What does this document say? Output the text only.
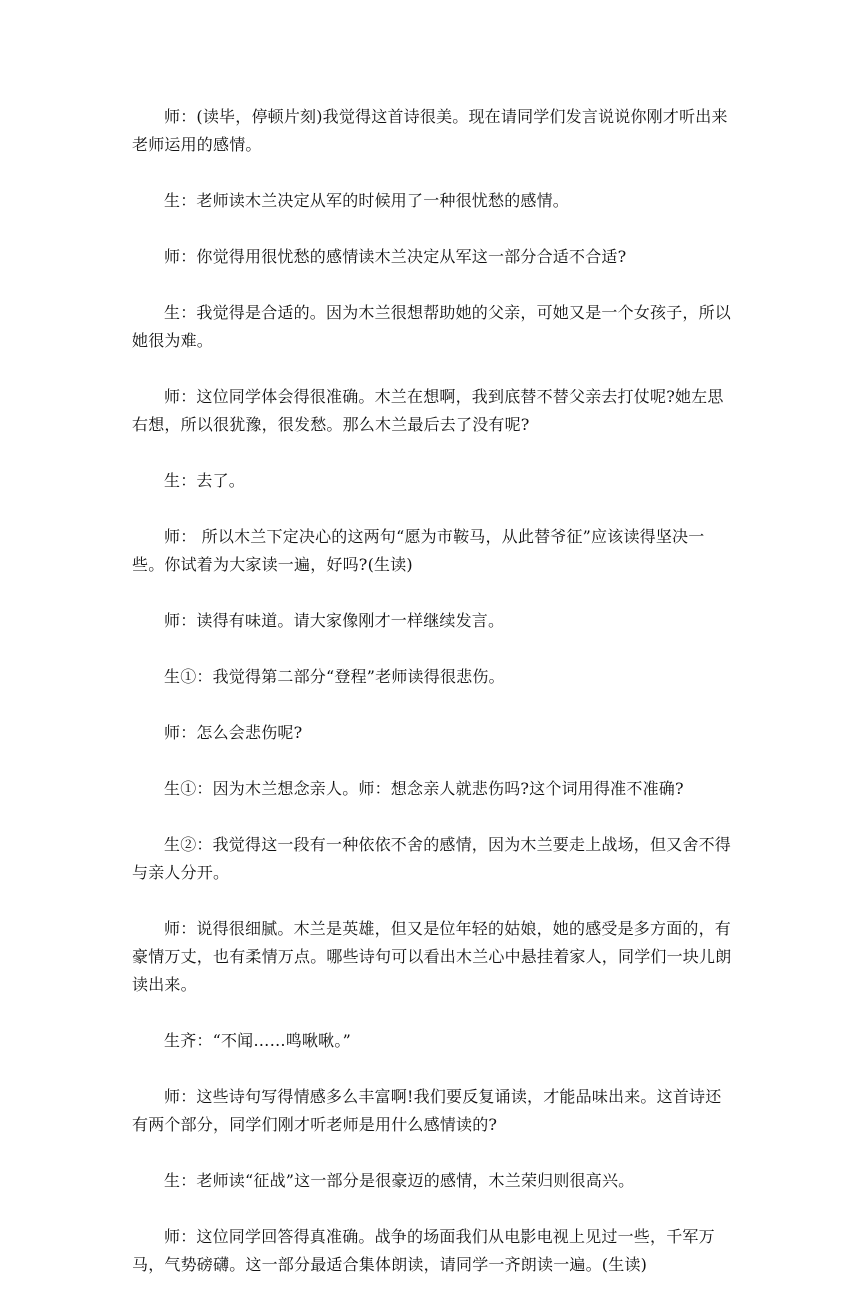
师：(读毕，停顿片刻)我觉得这首诗很美。现在请同学们发言说说你刚才听出来老师运用的感情。

生：老师读木兰决定从军的时候用了一种很忧愁的感情。

师：你觉得用很忧愁的感情读木兰决定从军这一部分合适不合适?

生：我觉得是合适的。因为木兰很想帮助她的父亲，可她又是一个女孩子，所以她很为难。

师：这位同学体会得很准确。木兰在想啊，我到底替不替父亲去打仗呢?她左思右想，所以很犹豫，很发愁。那么木兰最后去了没有呢?

生：去了。

师： 所以木兰下定决心的这两句“愿为市鞍马，从此替爷征”应该读得坚决一些。你试着为大家读一遍，好吗?(生读)

师：读得有味道。请大家像刚才一样继续发言。

生①：我觉得第二部分“登程”老师读得很悲伤。

师：怎么会悲伤呢?

生①：因为木兰想念亲人。师：想念亲人就悲伤吗?这个词用得准不准确?

生②：我觉得这一段有一种依依不舍的感情，因为木兰要走上战场，但又舍不得与亲人分开。

师：说得很细腻。木兰是英雄，但又是位年轻的姑娘，她的感受是多方面的，有豪情万丈，也有柔情万点。哪些诗句可以看出木兰心中悬挂着家人，同学们一块儿朗读出来。

生齐：“不闻……鸣啾啾。”

师：这些诗句写得情感多么丰富啊!我们要反复诵读，才能品味出来。这首诗还有两个部分，同学们刚才听老师是用什么感情读的?

生：老师读“征战”这一部分是很豪迈的感情，木兰荣归则很高兴。

师：这位同学回答得真准确。战争的场面我们从电影电视上见过一些，千军万马，气势磅礴。这一部分最适合集体朗读，请同学一齐朗读一遍。(生读)
